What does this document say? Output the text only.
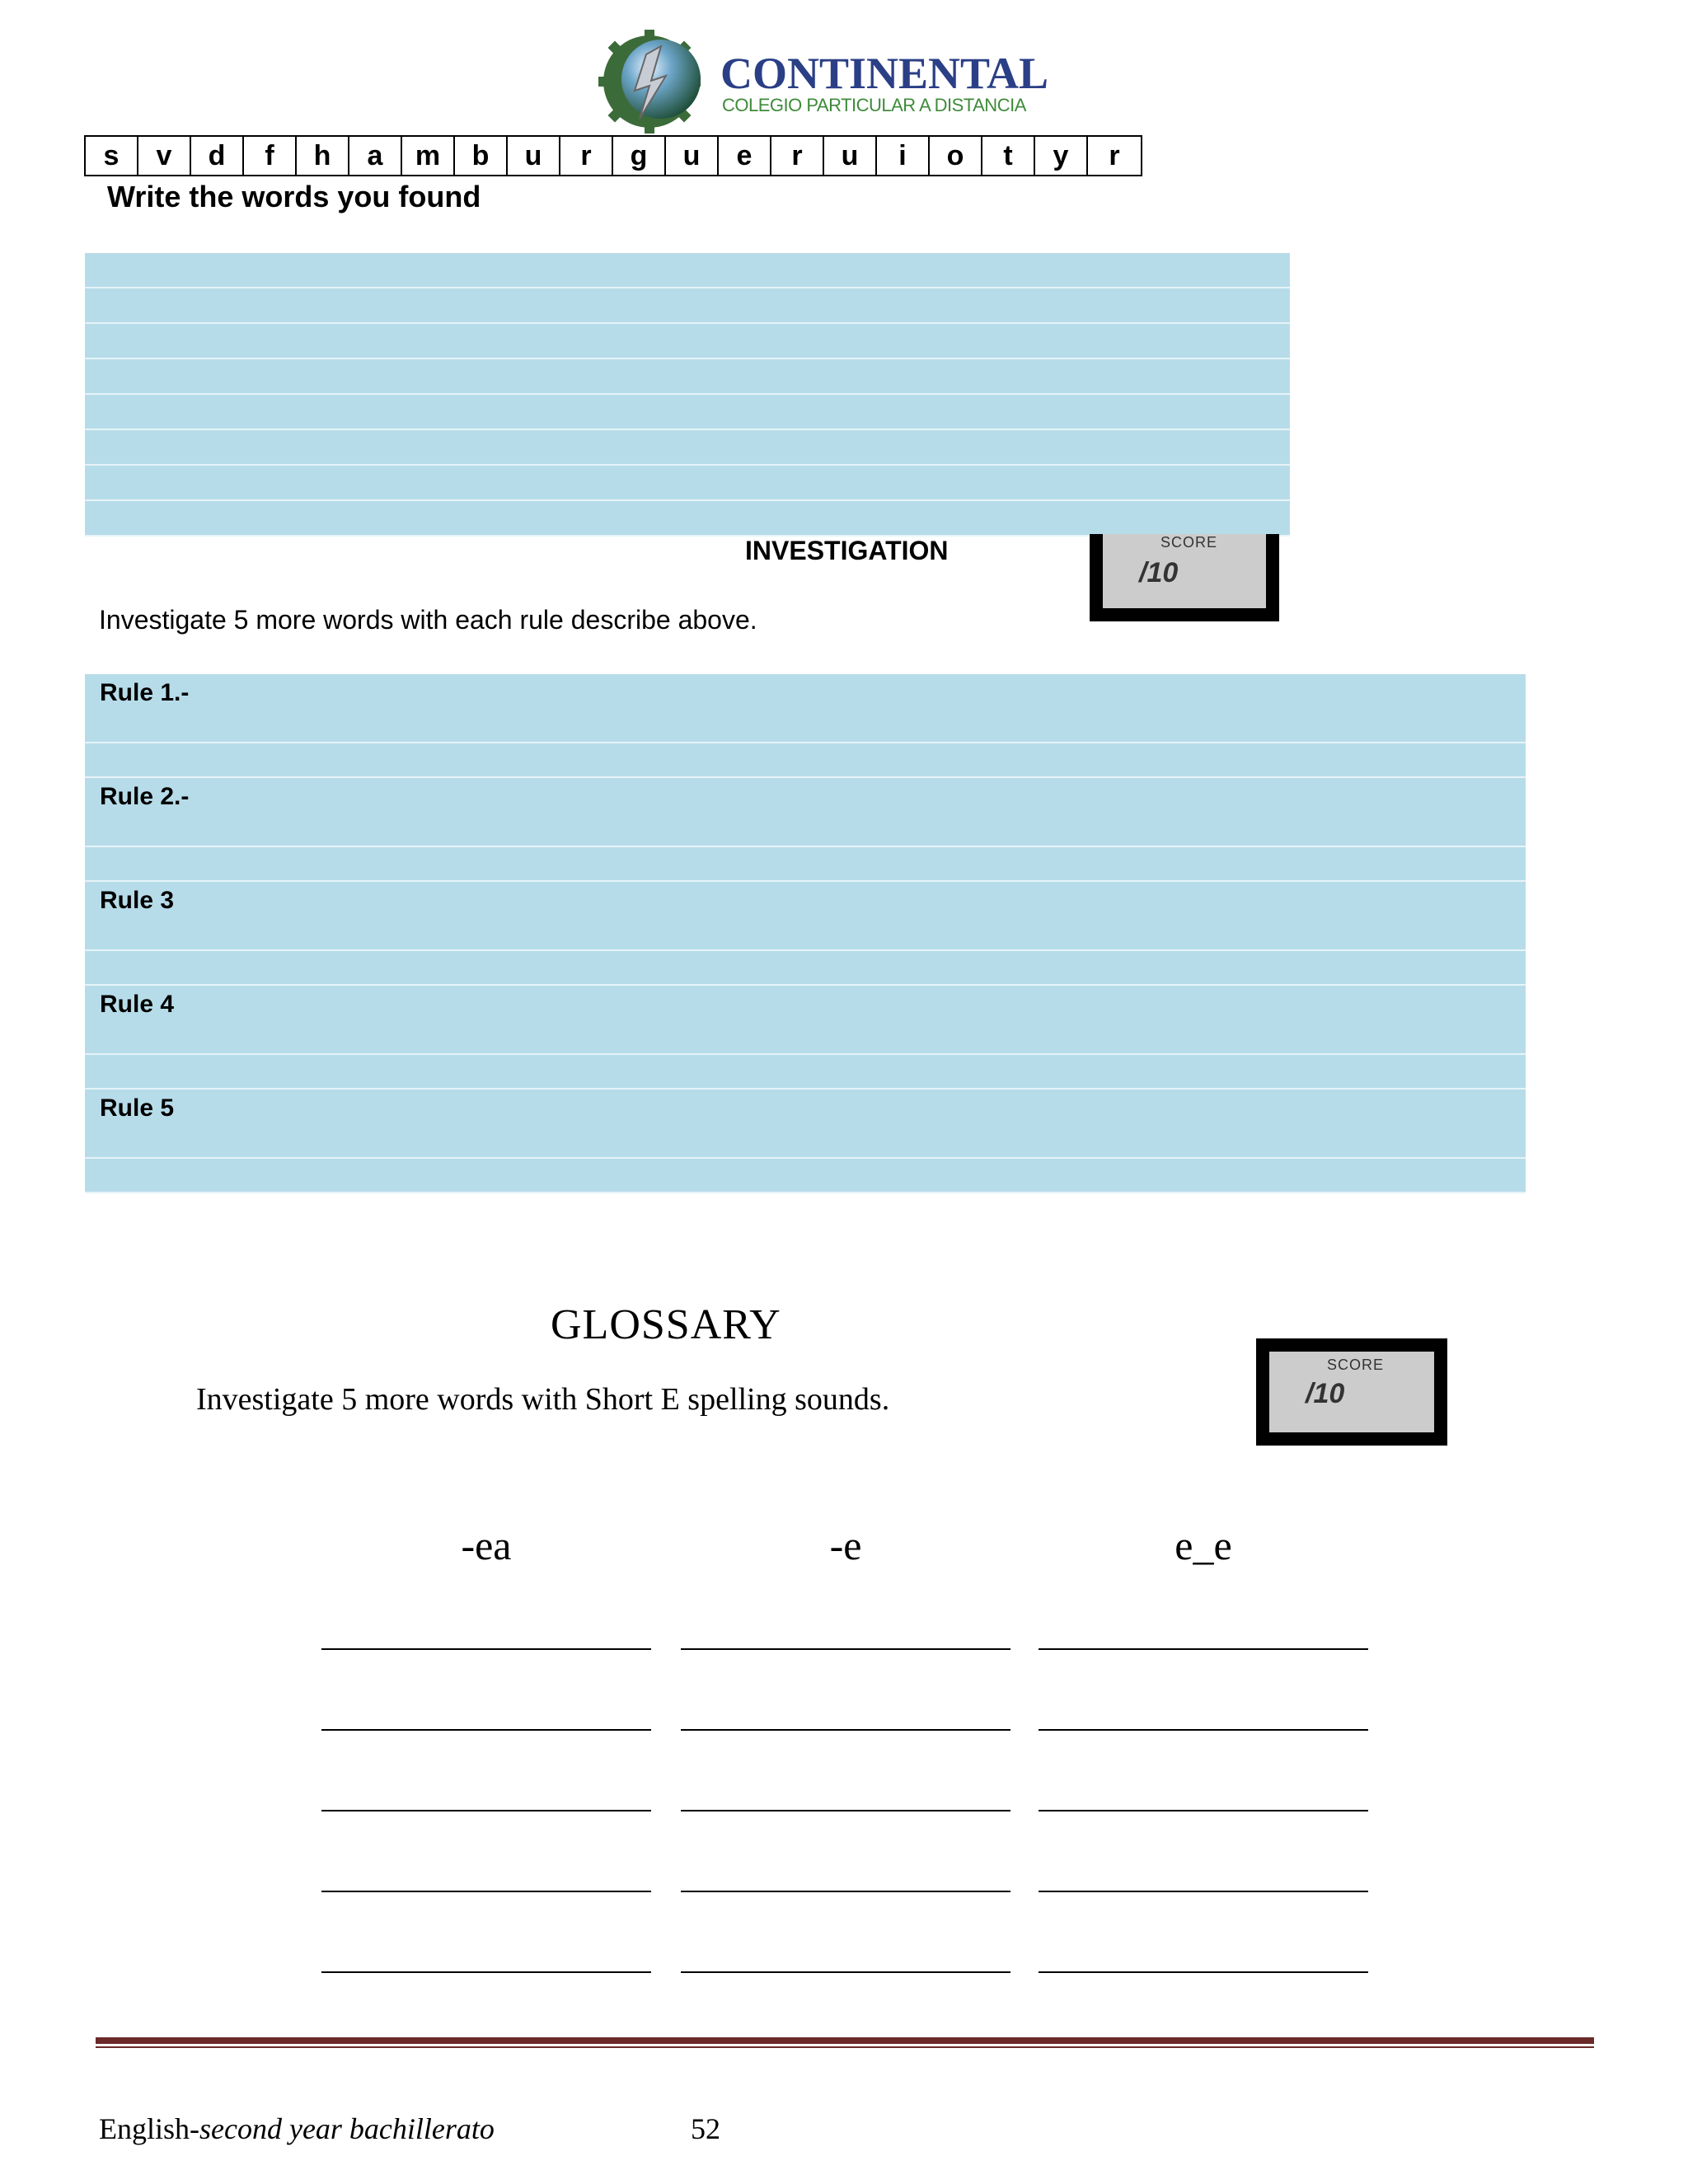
CONTINENTAL
COLEGIO PARTICULAR A DISTANCIA
s	v	d	f	h	a	m	b	u	r	g	u	e	r	u	i	o	t	y	r
Write the words you found
INVESTIGATION	SCORE
/10
Investigate 5 more words with each rule describe above.
Rule 1.-
Rule 2.-
Rule 3
Rule 4
Rule 5
GLOSSARY
Investigate 5 more words with Short E spelling sounds.
SCORE
/10
-ea	-e	e_e
English-second year bachillerato	52
